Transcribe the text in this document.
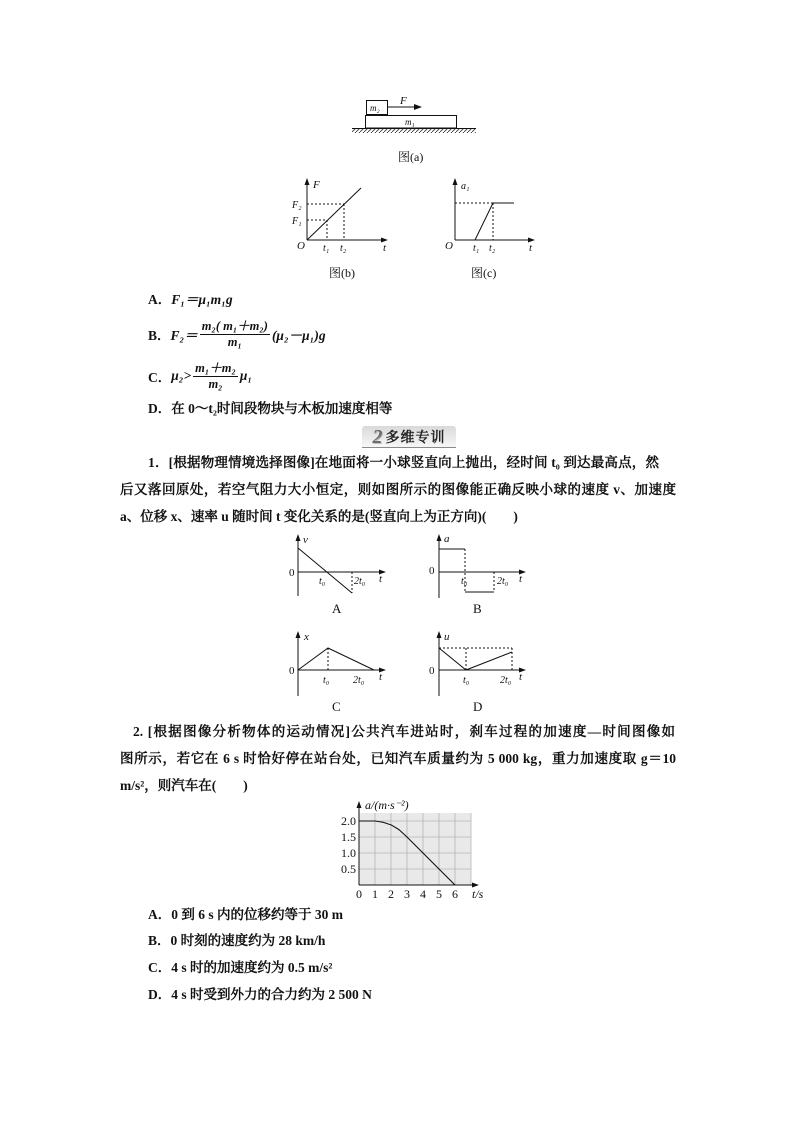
m₂
F
m₁
图(a)
F
t
O
F₂
F₁
t₁ t₂
图(b)
a₁
t
O t₁ t₂
图(c)
v
0
t₀	2t₀ t
A
a
0
t₀	2t₀ t
B
x
0
t₀ 2t₀ t
C
u
0
t₀	2t₀ t
D
0 1 2 3 4 5 6
0.5
1.0
1.5
2.0
a/(m·s⁻²)
t/s
A．F₁＝μ₁m₁g
B． $F_2= \frac{\text{m₂( m₁＋m₂)}}{\text{m₁}} (\mu_2-\mu_1)g$
C． $\mu_2> \frac{\text{m₁＋m₂}}{\text{m₂}} \mu_1$
D．在 0～t₂时间段物块与木板加速度相等
2 多维专训
1．[根据物理情境选择图像]在地面将一小球竖直向上抛出，经时间 t₀ 到达最高点，然
后又落回原处，若空气阻力大小恒定，则如图所示的图像能正确反映小球的速度 v、加速度
a、位移 x、速率 u 随时间 t 变化关系的是(竖直向上为正方向)(　　)
2. [根据图像分析物体的运动情况]公共汽车进站时，刹车过程的加速度—时间图像如
图所示，若它在 6 s 时恰好停在站台处，已知汽车质量约为 5 000 kg，重力加速度取 g＝10
m/s²，则汽车在(　　)
A．0 到 6 s 内的位移约等于 30 m
B．0 时刻的速度约为 28 km/h
C．4 s 时的加速度约为 0.5 m/s²
D．4 s 时受到外力的合力约为 2 500 N
